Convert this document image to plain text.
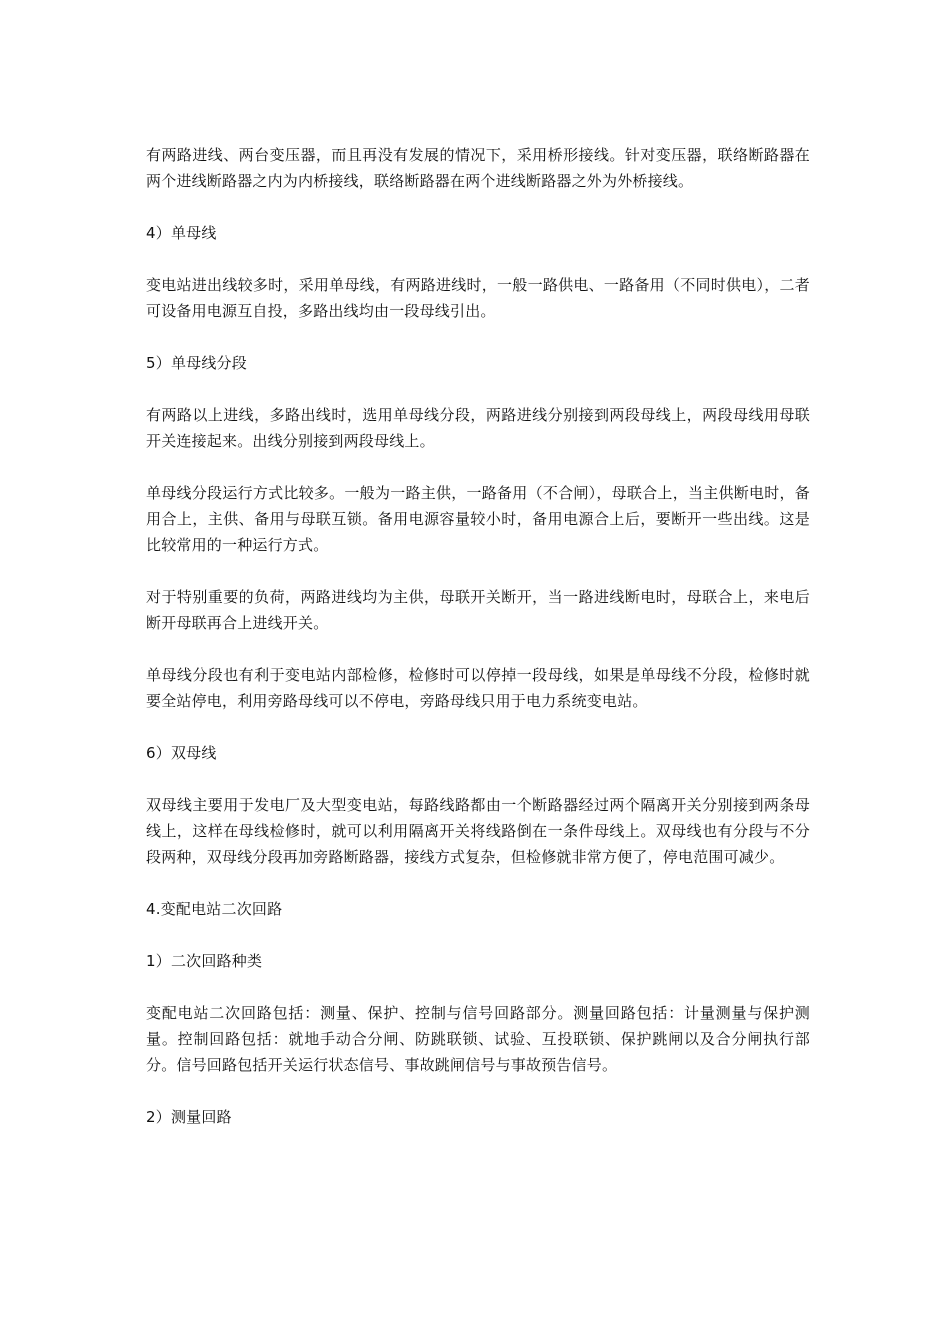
有两路进线、两台变压器，而且再没有发展的情况下，采用桥形接线。针对变压器，联络断路器在两个进线断路器之内为内桥接线，联络断路器在两个进线断路器之外为外桥接线。

4）单母线

变电站进出线较多时，采用单母线，有两路进线时，一般一路供电、一路备用（不同时供电），二者可设备用电源互自投，多路出线均由一段母线引出。

5）单母线分段

有两路以上进线，多路出线时，选用单母线分段，两路进线分别接到两段母线上，两段母线用母联开关连接起来。出线分别接到两段母线上。

单母线分段运行方式比较多。一般为一路主供，一路备用（不合闸），母联合上，当主供断电时，备用合上，主供、备用与母联互锁。备用电源容量较小时，备用电源合上后，要断开一些出线。这是比较常用的一种运行方式。

对于特别重要的负荷，两路进线均为主供，母联开关断开，当一路进线断电时，母联合上，来电后断开母联再合上进线开关。

单母线分段也有利于变电站内部检修，检修时可以停掉一段母线，如果是单母线不分段，检修时就要全站停电，利用旁路母线可以不停电，旁路母线只用于电力系统变电站。

6）双母线

双母线主要用于发电厂及大型变电站，每路线路都由一个断路器经过两个隔离开关分别接到两条母线上，这样在母线检修时，就可以利用隔离开关将线路倒在一条件母线上。双母线也有分段与不分段两种，双母线分段再加旁路断路器，接线方式复杂，但检修就非常方便了，停电范围可减少。

4.变配电站二次回路
1）二次回路种类

变配电站二次回路包括：测量、保护、控制与信号回路部分。测量回路包括：计量测量与保护测量。控制回路包括：就地手动合分闸、防跳联锁、试验、互投联锁、保护跳闸以及合分闸执行部分。信号回路包括开关运行状态信号、事故跳闸信号与事故预告信号。

2）测量回路
